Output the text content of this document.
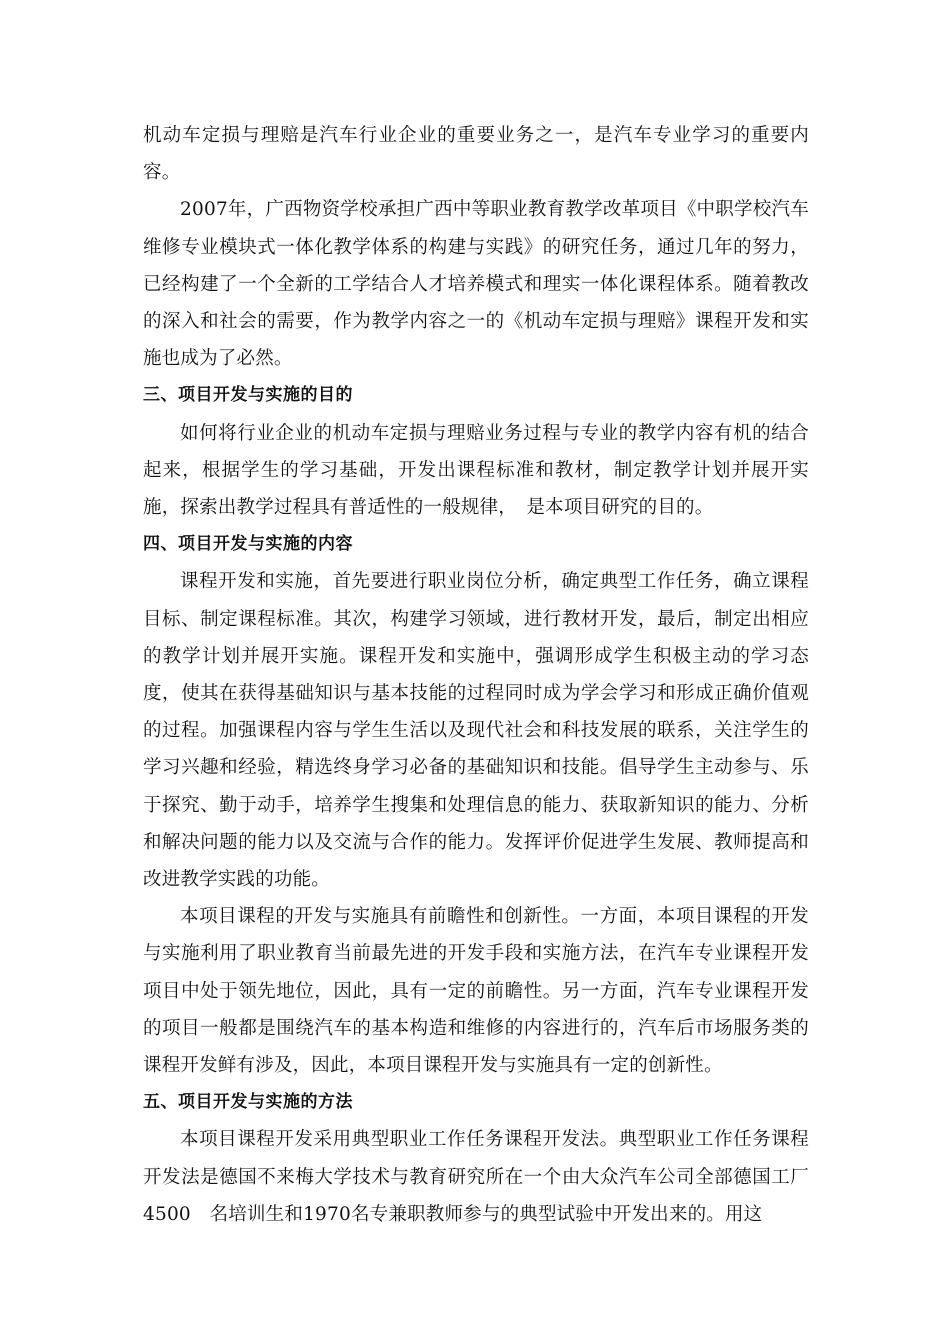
机动车定损与理赔是汽车行业企业的重要业务之一，是汽车专业学习的重要内容。

2007年，广西物资学校承担广西中等职业教育教学改革项目《中职学校汽车维修专业模块式一体化教学体系的构建与实践》的研究任务，通过几年的努力，已经构建了一个全新的工学结合人才培养模式和理实一体化课程体系。随着教改的深入和社会的需要，作为教学内容之一的《机动车定损与理赔》课程开发和实施也成为了必然。

三、项目开发与实施的目的

如何将行业企业的机动车定损与理赔业务过程与专业的教学内容有机的结合起来，根据学生的学习基础，开发出课程标准和教材，制定教学计划并展开实施，探索出教学过程具有普适性的一般规律，　是本项目研究的目的。

四、项目开发与实施的内容

课程开发和实施，首先要进行职业岗位分析，确定典型工作任务，确立课程目标、制定课程标准。其次，构建学习领域，进行教材开发，最后，制定出相应的教学计划并展开实施。课程开发和实施中，强调形成学生积极主动的学习态度，使其在获得基础知识与基本技能的过程同时成为学会学习和形成正确价值观的过程。加强课程内容与学生生活以及现代社会和科技发展的联系，关注学生的学习兴趣和经验，精选终身学习必备的基础知识和技能。倡导学生主动参与、乐于探究、勤于动手，培养学生搜集和处理信息的能力、获取新知识的能力、分析和解决问题的能力以及交流与合作的能力。发挥评价促进学生发展、教师提高和改进教学实践的功能。

本项目课程的开发与实施具有前瞻性和创新性。一方面，本项目课程的开发与实施利用了职业教育当前最先进的开发手段和实施方法，在汽车专业课程开发项目中处于领先地位，因此，具有一定的前瞻性。另一方面，汽车专业课程开发的项目一般都是围绕汽车的基本构造和维修的内容进行的，汽车后市场服务类的课程开发鲜有涉及，因此，本项目课程开发与实施具有一定的创新性。

五、项目开发与实施的方法

本项目课程开发采用典型职业工作任务课程开发法。典型职业工作任务课程开发法是德国不来梅大学技术与教育研究所在一个由大众汽车公司全部德国工厂4500　名培训生和1970名专兼职教师参与的典型试验中开发出来的。用这
